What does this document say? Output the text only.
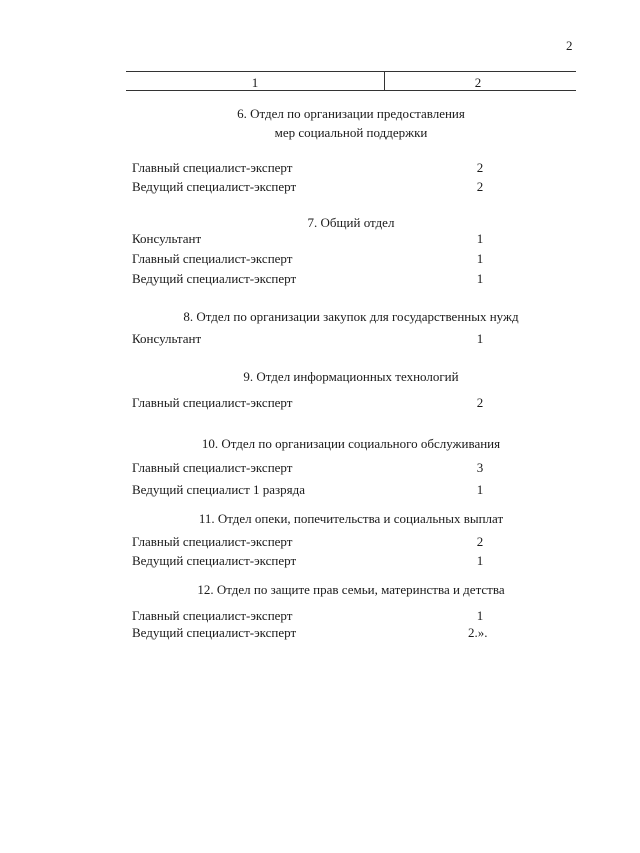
2
1	2
6. Отдел по организации предоставления
мер социальной поддержки
Главный специалист-эксперт	2
Ведущий специалист-эксперт	2
7. Общий отдел
Консультант	1
Главный специалист-эксперт	1
Ведущий специалист-эксперт	1
8. Отдел по организации закупок для государственных нужд
Консультант	1
9. Отдел информационных технологий
Главный специалист-эксперт	2
10. Отдел по организации социального обслуживания
Главный специалист-эксперт	3
Ведущий специалист 1 разряда	1
11. Отдел опеки, попечительства и социальных выплат
Главный специалист-эксперт	2
Ведущий специалист-эксперт	1
12. Отдел по защите прав семьи, материнства и детства
Главный специалист-эксперт	1
Ведущий специалист-эксперт	2.».
